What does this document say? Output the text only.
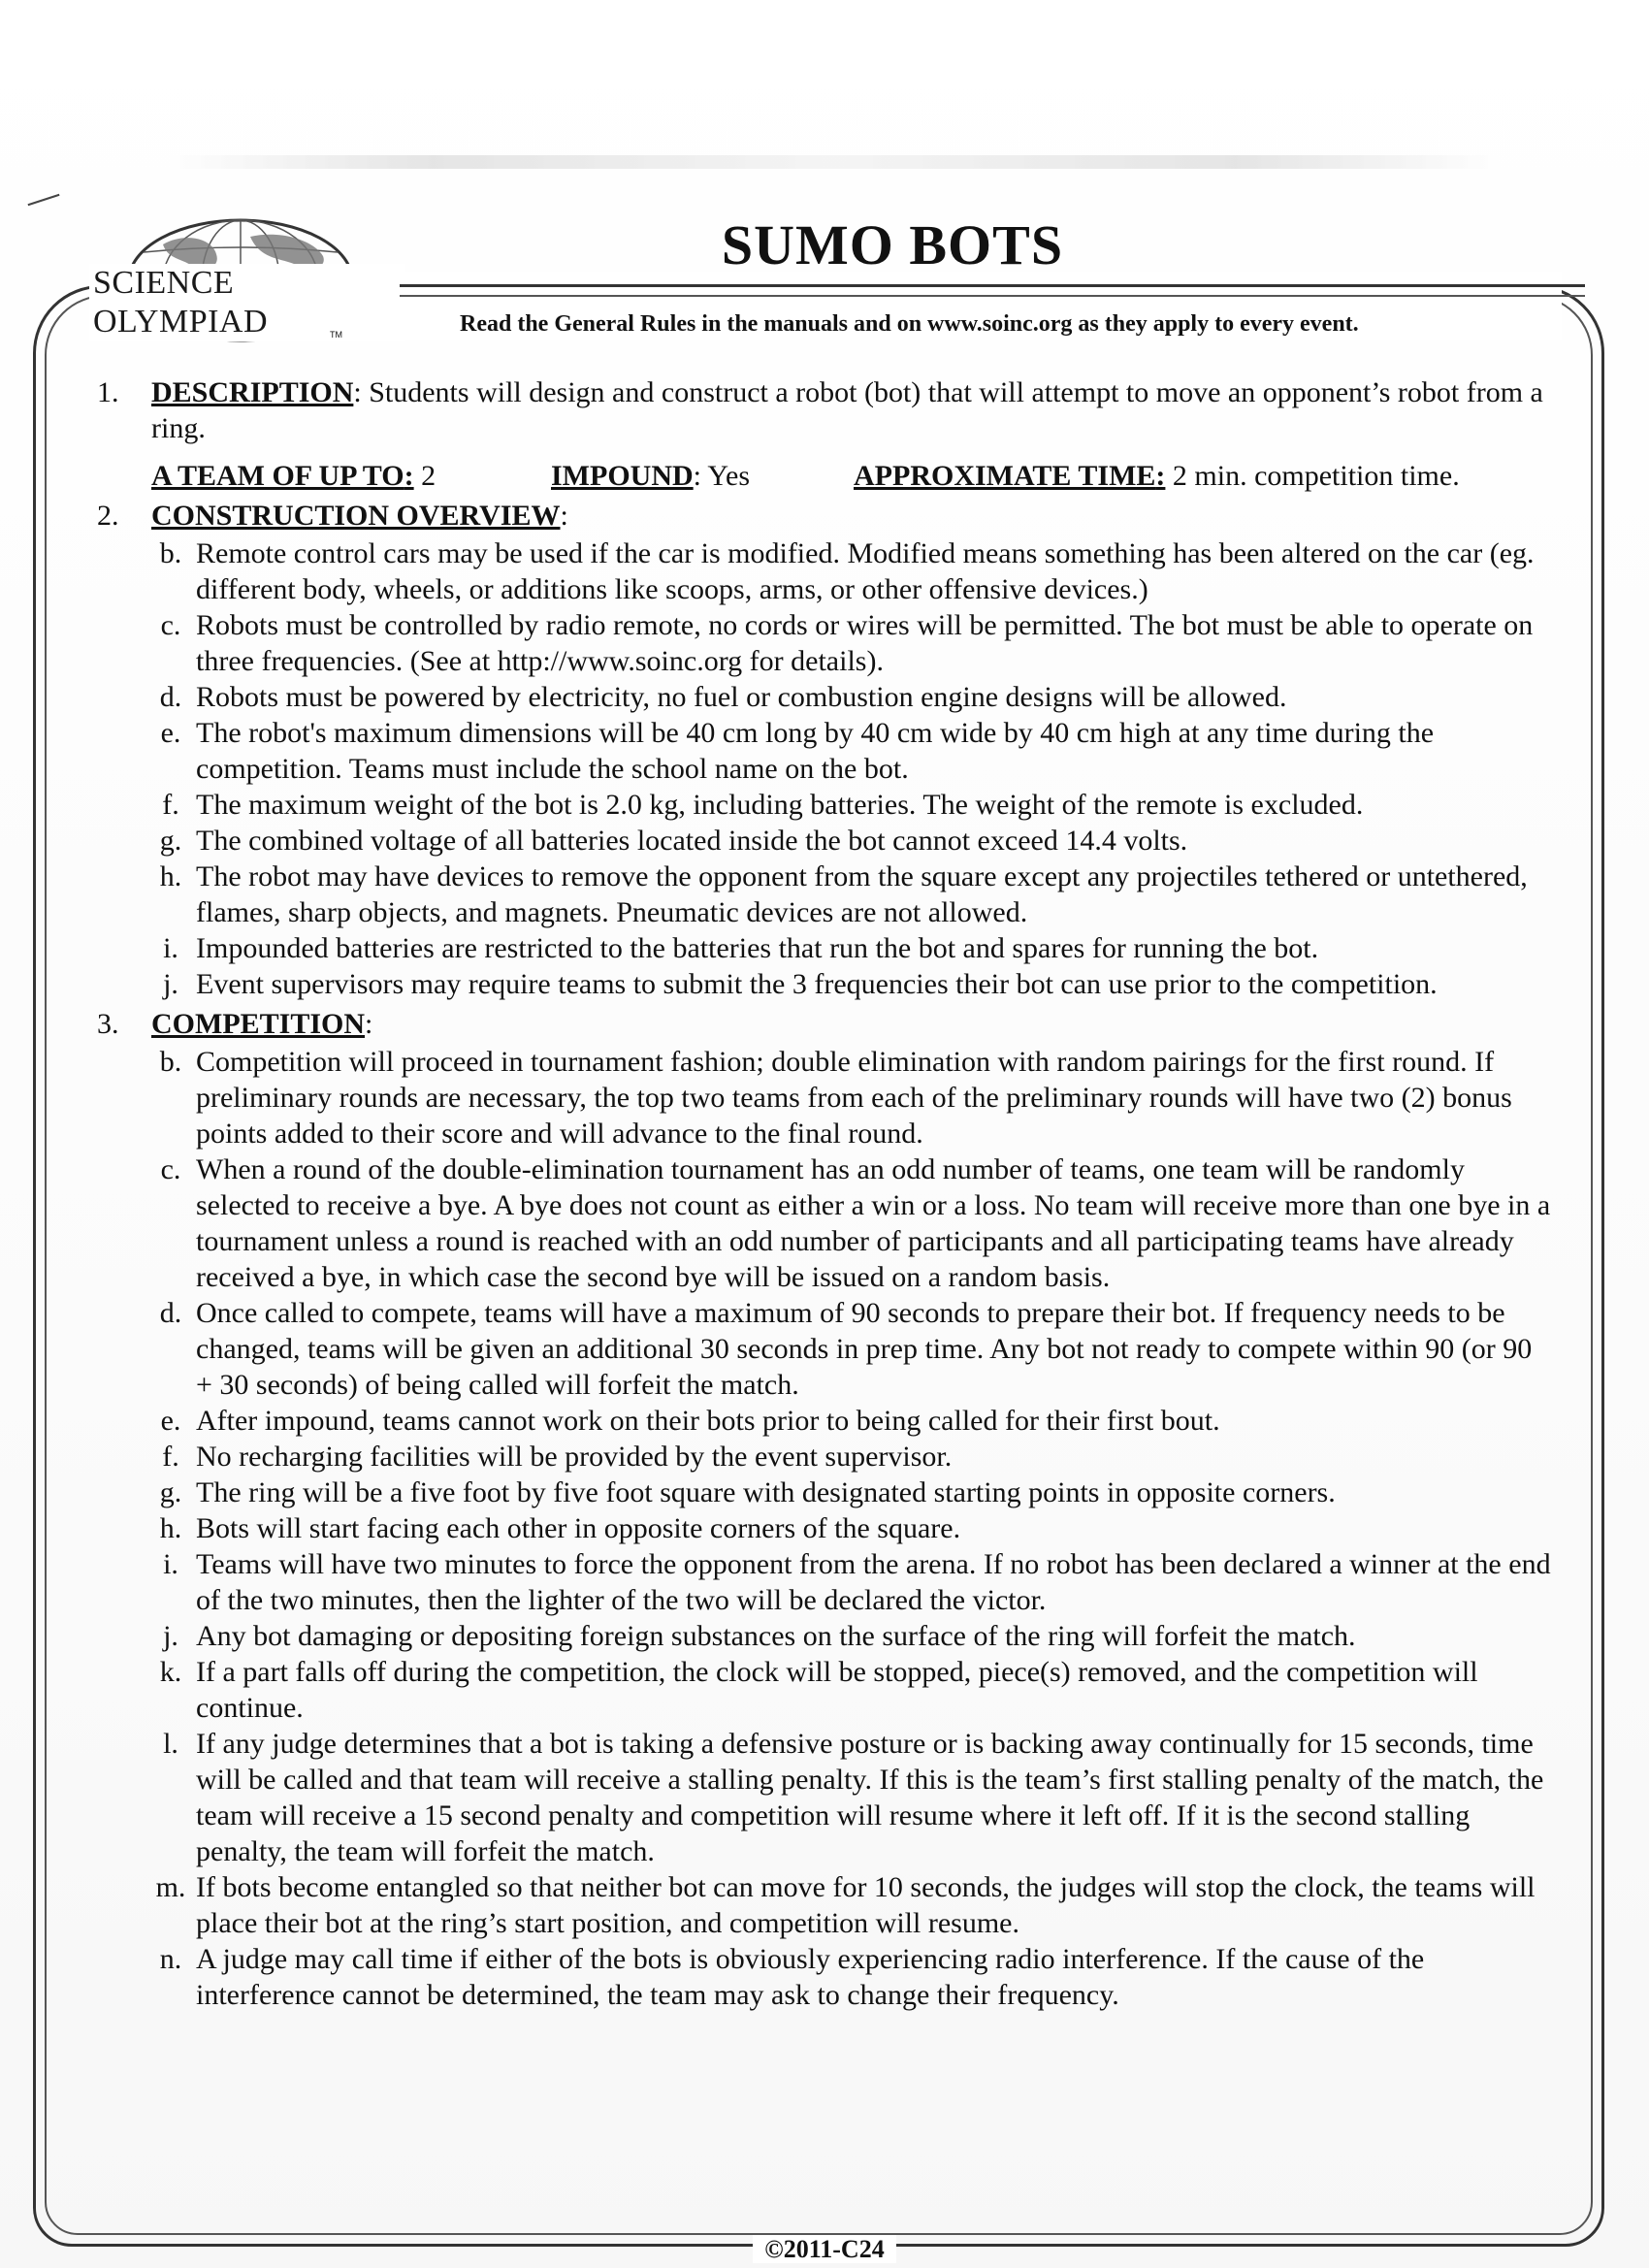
SCIENCE OLYMPIAD	TM
SUMO BOTS
Read the General Rules in the manuals and on www.soinc.org as they apply to every event.
1.	DESCRIPTION: Students will design and construct a robot (bot) that will attempt to move an opponent’s robot from a ring.

A TEAM OF UP TO: 2	IMPOUND: Yes	APPROXIMATE TIME: 2 min. competition time.
2.	CONSTRUCTION OVERVIEW:

b. Remote control cars may be used if the car is modified. Modified means something has been altered on the car (eg. different body, wheels, or additions like scoops, arms, or other offensive devices.)

c. Robots must be controlled by radio remote, no cords or wires will be permitted. The bot must be able to operate on three frequencies. (See at http://www.soinc.org for details).

d. Robots must be powered by electricity, no fuel or combustion engine designs will be allowed.

e. The robot's maximum dimensions will be 40 cm long by 40 cm wide by 40 cm high at any time during the competition. Teams must include the school name on the bot.

f. The maximum weight of the bot is 2.0 kg, including batteries. The weight of the remote is excluded.

g. The combined voltage of all batteries located inside the bot cannot exceed 14.4 volts.

h. The robot may have devices to remove the opponent from the square except any projectiles tethered or untethered, flames, sharp objects, and magnets. Pneumatic devices are not allowed.

i. Impounded batteries are restricted to the batteries that run the bot and spares for running the bot.

j. Event supervisors may require teams to submit the 3 frequencies their bot can use prior to the competition.

3.	COMPETITION:

b. Competition will proceed in tournament fashion; double elimination with random pairings for the first round. If preliminary rounds are necessary, the top two teams from each of the preliminary rounds will have two (2) bonus points added to their score and will advance to the final round.

c. When a round of the double-elimination tournament has an odd number of teams, one team will be randomly selected to receive a bye. A bye does not count as either a win or a loss. No team will receive more than one bye in a tournament unless a round is reached with an odd number of participants and all participating teams have already received a bye, in which case the second bye will be issued on a random basis.

d. Once called to compete, teams will have a maximum of 90 seconds to prepare their bot. If frequency needs to be changed, teams will be given an additional 30 seconds in prep time. Any bot not ready to compete within 90 (or 90 + 30 seconds) of being called will forfeit the match.

e. After impound, teams cannot work on their bots prior to being called for their first bout.

f. No recharging facilities will be provided by the event supervisor.

g. The ring will be a five foot by five foot square with designated starting points in opposite corners.

h. Bots will start facing each other in opposite corners of the square.

i. Teams will have two minutes to force the opponent from the arena. If no robot has been declared a winner at the end of the two minutes, then the lighter of the two will be declared the victor.

j. Any bot damaging or depositing foreign substances on the surface of the ring will forfeit the match.

k. If a part falls off during the competition, the clock will be stopped, piece(s) removed, and the competition will continue.

l. If any judge determines that a bot is taking a defensive posture or is backing away continually for 15 seconds, time will be called and that team will receive a stalling penalty. If this is the team’s first stalling penalty of the match, the team will receive a 15 second penalty and competition will resume where it left off. If it is the second stalling penalty, the team will forfeit the match.

m. If bots become entangled so that neither bot can move for 10 seconds, the judges will stop the clock, the teams will place their bot at the ring’s start position, and competition will resume.

n. A judge may call time if either of the bots is obviously experiencing radio interference. If the cause of the interference cannot be determined, the team may ask to change their frequency.

©2011-C24
